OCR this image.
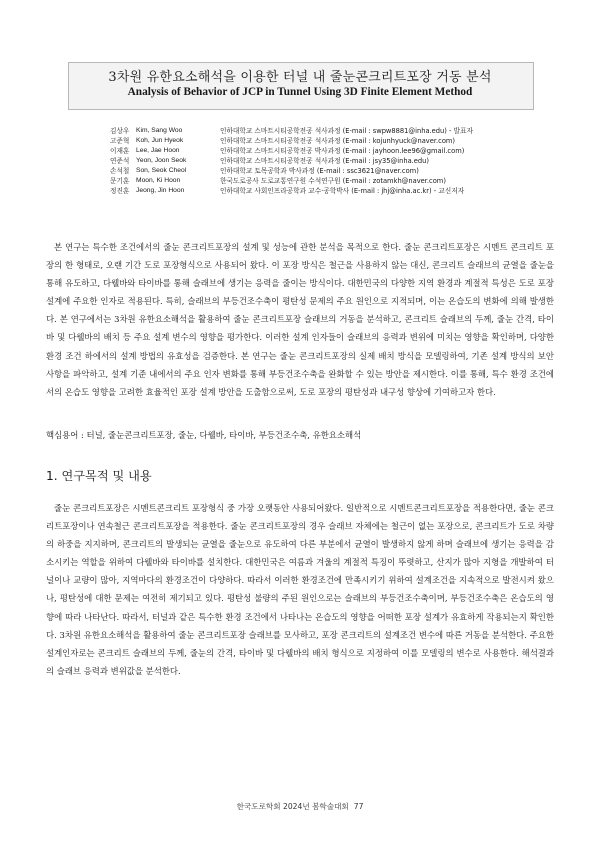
3차원 유한요소해석을 이용한 터널 내 줄눈콘크리트포장 거동 분석
Analysis of Behavior of JCP in Tunnel Using 3D Finite Element Method
김상우 Kim, Sang Woo	인하대학교 스마트시티공학전공 석사과정 (E-mail : swpw8881@inha.edu) - 발표자
고준혁 Koh, Jun Hyeok	인하대학교 스마트시티공학전공 석사과정 (E-mail : kojunhyuck@naver.com)
이재훈 Lee, Jae Hoon	인하대학교 스마트시티공학전공 박사과정 (E-mail : jayhoon.lee96@gmail.com)
연준석 Yeon, Joon Seok	인하대학교 스마트시티공학전공 석사과정 (E-mail : jsy35@inha.edu)
손석철 Son, Seok Cheol	인하대학교 토목공학과 박사과정 (E-mail : ssc3621@naver.com)
문기훈 Moon, Ki Hoon	한국도로공사 도로교통연구원 수석연구원 (E-mail : zotamkh@naver.com)
정진훈 Jeong, Jin Hoon	인하대학교 사회인프라공학과 교수·공학박사 (E-mail : jhj@inha.ac.kr) - 교신저자

본 연구는 특수한 조건에서의 줄눈 콘크리트포장의 설계 및 성능에 관한 분석을 목적으로 한다. 줄눈 콘크리트포장은 시멘트 콘크리트 포장의 한 형태로, 오랜 기간 도로 포장형식으로 사용되어 왔다. 이 포장 방식은 철근을 사용하지 않는 대신, 콘크리트 슬래브의 균열을 줄눈을 통해 유도하고, 다웰바와 타이바를 통해 슬래브에 생기는 응력을 줄이는 방식이다. 대한민국의 다양한 지역 환경과 계절적 특성은 도로 포장설계에 주요한 인자로 적용된다. 특히, 슬래브의 부등건조수축이 평탄성 문제의 주요 원인으로 지적되며, 이는 온습도의 변화에 의해 발생한다. 본 연구에서는 3차원 유한요소해석을 활용하여 줄눈 콘크리트포장 슬래브의 거동을 분석하고, 콘크리트 슬래브의 두께, 줄눈 간격, 타이바 및 다웰바의 배치 등 주요 설계 변수의 영향을 평가한다. 이러한 설계 인자들이 슬래브의 응력과 변위에 미치는 영향을 확인하며, 다양한 환경 조건 하에서의 설계 방법의 유효성을 검증한다. 본 연구는 줄눈 콘크리트포장의 실제 배치 방식을 모델링하여, 기존 설계 방식의 보안 사항을 파악하고, 설계 기준 내에서의 주요 인자 변화를 통해 부등건조수축을 완화할 수 있는 방안을 제시한다. 이를 통해, 특수 환경 조건에서의 온습도 영향을 고려한 효율적인 포장 설계 방안을 도출함으로써, 도로 포장의 평탄성과 내구성 향상에 기여하고자 한다.

핵심용어 : 터널, 줄눈콘크리트포장, 줄눈, 다웰바, 타이바, 부등건조수축, 유한요소해석
1. 연구목적 및 내용

줄눈 콘크리트포장은 시멘트콘크리트 포장형식 중 가장 오랫동안 사용되어왔다. 일반적으로 시멘트콘크리트포장을 적용한다면, 줄눈 콘크리트포장이나 연속철근 콘크리트포장을 적용한다. 줄눈 콘크리트포장의 경우 슬래브 자체에는 철근이 없는 포장으로, 콘크리트가 도로 차량의 하중을 지지하며, 콘크리트의 발생되는 균열을 줄눈으로 유도하여 다른 부분에서 균열이 발생하지 않게 하며 슬래브에 생기는 응력을 감소시키는 역할을 위하여 다웰바와 타이바를 설치한다. 대한민국은 여름과 겨울의 계절적 특징이 뚜렷하고, 산지가 많아 지형을 개발하여 터널이나 교량이 많아, 지역마다의 환경조건이 다양하다. 따라서 이러한 환경조건에 만족시키기 위하여 설계조건을 지속적으로 발전시켜 왔으나, 평탄성에 대한 문제는 여전히 제기되고 있다. 평탄성 불량의 주된 원인으로는 슬래브의 부등건조수축이며, 부등건조수축은 온습도의 영향에 따라 나타난다. 따라서, 터널과 같은 특수한 환경 조건에서 나타나는 온습도의 영향을 어떠한 포장 설계가 유효하게 작용되는지 확인한다. 3차원 유한요소해석을 활용하여 줄눈 콘크리트포장 슬래브를 모사하고, 포장 콘크리트의 설계조건 변수에 따른 거동을 분석한다. 주요한 설계인자로는 콘크리트 슬래브의 두께, 줄눈의 간격, 타이바 및 다웰바의 배치 형식으로 지정하여 이를 모델링의 변수로 사용한다. 해석결과의 슬래브 응력과 변위값을 분석한다.

한국도로학회 2024년 봄학술대회 77
